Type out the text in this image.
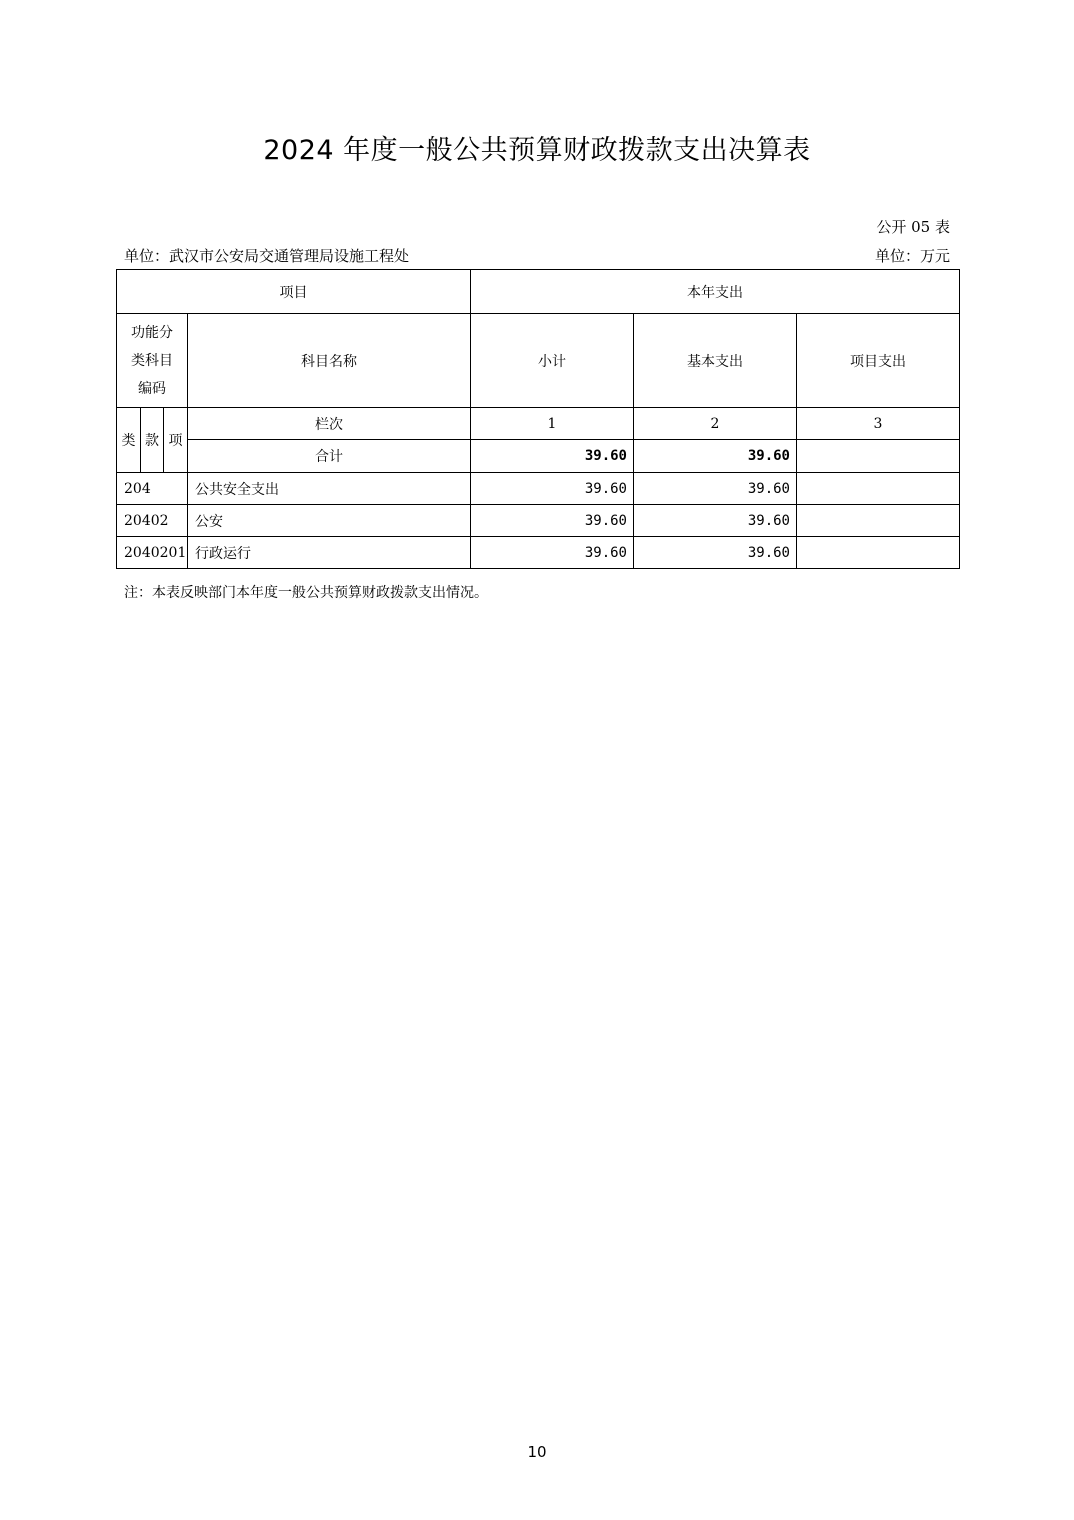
2024 年度一般公共预算财政拨款支出决算表
公开 05 表
单位：武汉市公安局交通管理局设施工程处	单位：万元
项目				本年支出		

功能分
类科目
编码			科目名称	小计	基本支出	项目支出
类	款	项	栏次	1	2	3
			合计	39.60	39.60	
204			公共安全支出	39.60	39.60	
20402			公安	39.60	39.60	
2040201			行政运行	39.60	39.60	
注：本表反映部门本年度一般公共预算财政拨款支出情况。
10
